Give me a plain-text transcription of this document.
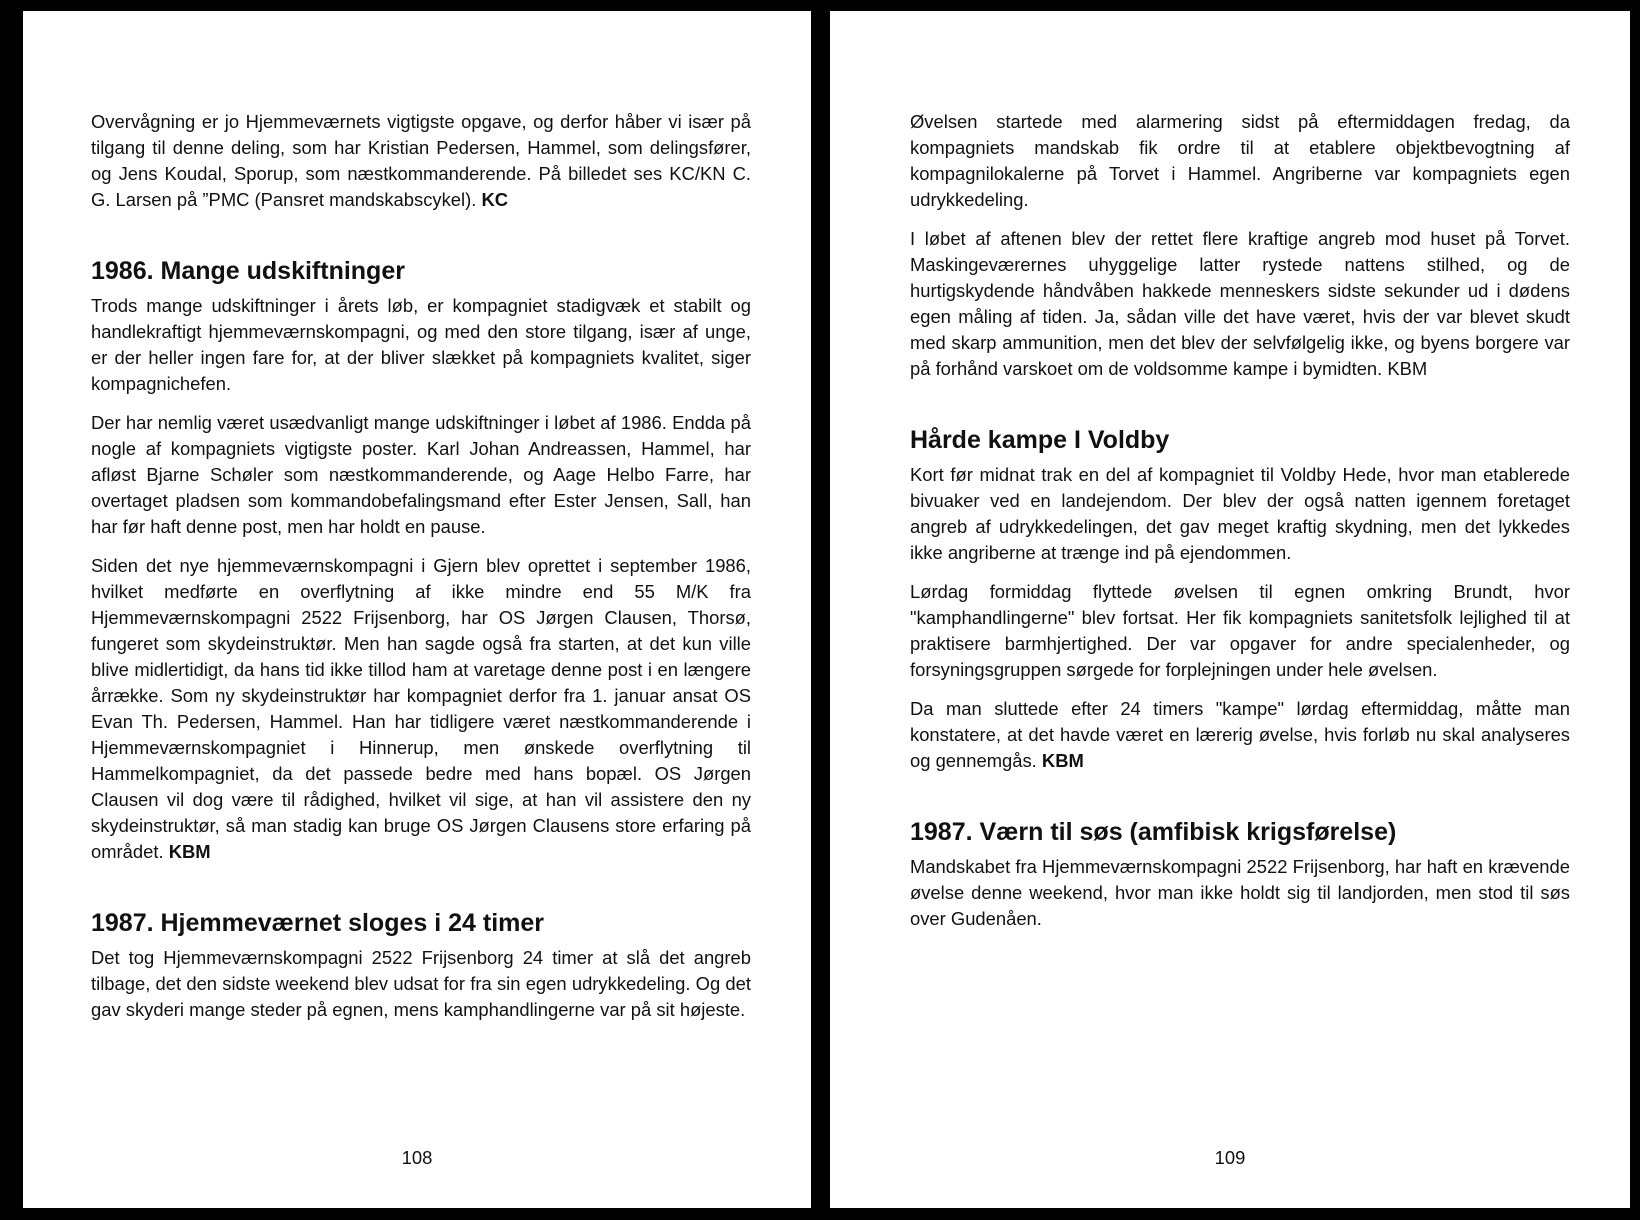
Overvågning er jo Hjemmeværnets vigtigste opgave, og derfor håber vi især på tilgang til denne deling, som har Kristian Pedersen, Hammel, som delingsfører, og Jens Koudal, Sporup, som næstkommanderende. På billedet ses KC/KN C. G. Larsen på ”PMC (Pansret mandskabscykel). KC

1986. Mange udskiftninger

Trods mange udskiftninger i årets løb, er kompagniet stadigvæk et stabilt og handlekraftigt hjemmeværnskompagni, og med den store tilgang, især af unge, er der heller ingen fare for, at der bliver slækket på kompagniets kvalitet, siger kompagnichefen.

Der har nemlig været usædvanligt mange udskiftninger i løbet af 1986. Endda på nogle af kompagniets vigtigste poster. Karl Johan Andreassen, Hammel, har afløst Bjarne Schøler som næstkommanderende, og Aage Helbo Farre, har overtaget pladsen som kommandobefalingsmand efter Ester Jensen, Sall, han har før haft denne post, men har holdt en pause.

Siden det nye hjemmeværnskompagni i Gjern blev oprettet i september 1986, hvilket medførte en overflytning af ikke mindre end 55 M/K fra Hjemmeværnskompagni 2522 Frijsenborg, har OS Jørgen Clausen, Thorsø, fungeret som skydeinstruktør. Men han sagde også fra starten, at det kun ville blive midlertidigt, da hans tid ikke tillod ham at varetage denne post i en længere årrække. Som ny skydeinstruktør har kompagniet derfor fra 1. januar ansat OS Evan Th. Pedersen, Hammel. Han har tidligere været næstkommanderende i Hjemmeværnskompagniet i Hinnerup, men ønskede overflytning til Hammelkompagniet, da det passede bedre med hans bopæl. OS Jørgen Clausen vil dog være til rådighed, hvilket vil sige, at han vil assistere den ny skydeinstruktør, så man stadig kan bruge OS Jørgen Clausens store erfaring på området. KBM

1987. Hjemmeværnet sloges i 24 timer

Det tog Hjemmeværnskompagni 2522 Frijsenborg 24 timer at slå det angreb tilbage, det den sidste weekend blev udsat for fra sin egen udrykkedeling. Og det gav skyderi mange steder på egnen, mens kamphandlingerne var på sit højeste.

108

Øvelsen startede med alarmering sidst på eftermiddagen fredag, da kompagniets mandskab fik ordre til at etablere objektbevogtning af kompagnilokalerne på Torvet i Hammel. Angriberne var kompagniets egen udrykkedeling.

I løbet af aftenen blev der rettet flere kraftige angreb mod huset på Torvet. Maskingeværernes uhyggelige latter rystede nattens stilhed, og de hurtigskydende håndvåben hakkede menneskers sidste sekunder ud i dødens egen måling af tiden. Ja, sådan ville det have været, hvis der var blevet skudt med skarp ammunition, men det blev der selvfølgelig ikke, og byens borgere var på forhånd varskoet om de voldsomme kampe i bymidten. KBM

Hårde kampe I Voldby

Kort før midnat trak en del af kompagniet til Voldby Hede, hvor man etablerede bivuaker ved en landejendom. Der blev der også natten igennem foretaget angreb af udrykkedelingen, det gav meget kraftig skydning, men det lykkedes ikke angriberne at trænge ind på ejendommen.

Lørdag formiddag flyttede øvelsen til egnen omkring Brundt, hvor "kamphandlingerne" blev fortsat. Her fik kompagniets sanitetsfolk lejlighed til at praktisere barmhjertighed. Der var opgaver for andre specialenheder, og forsyningsgruppen sørgede for forplejningen under hele øvelsen.

Da man sluttede efter 24 timers "kampe" lørdag eftermiddag, måtte man konstatere, at det havde været en lærerig øvelse, hvis forløb nu skal analyseres og gennemgås. KBM

1987. Værn til søs (amfibisk krigsførelse)

Mandskabet fra Hjemmeværnskompagni 2522 Frijsenborg, har haft en krævende øvelse denne weekend, hvor man ikke holdt sig til landjorden, men stod til søs over Gudenåen.

109
